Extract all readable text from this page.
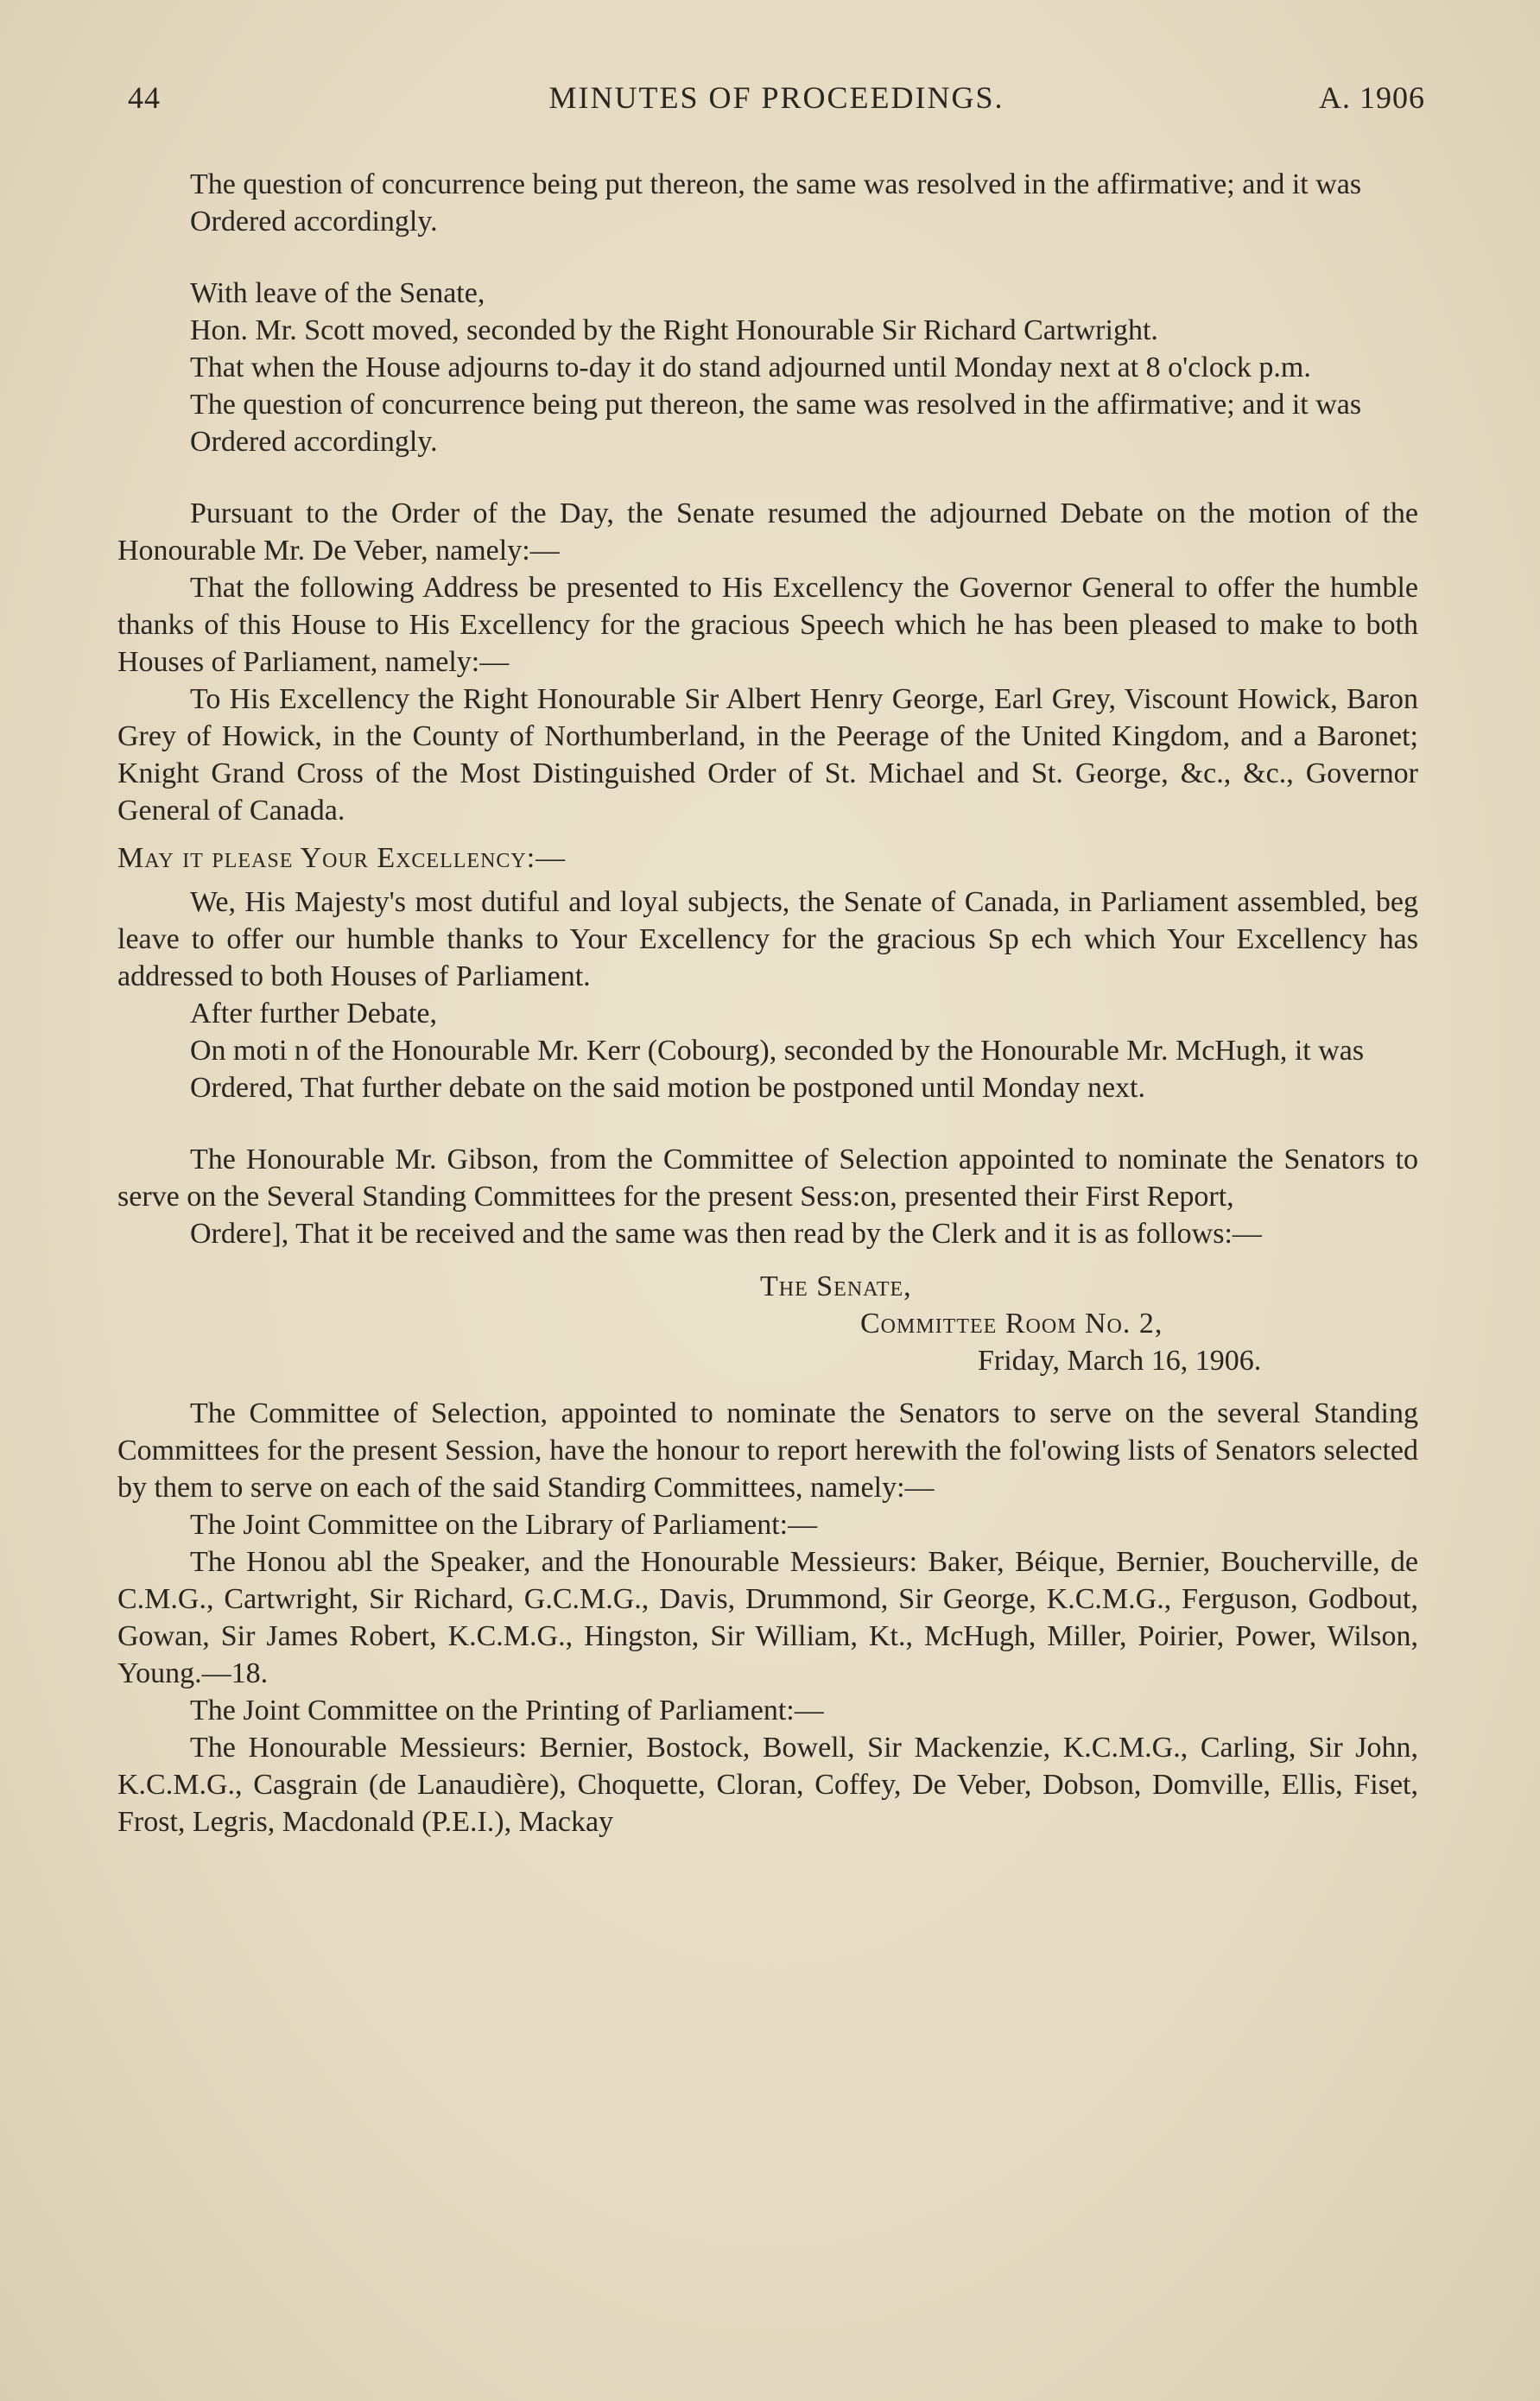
44	MINUTES OF PROCEEDINGS.	A. 1906

The question of concurrence being put thereon, the same was resolved in the affirmative; and it was

Ordered accordingly.

With leave of the Senate,

Hon. Mr. Scott moved, seconded by the Right Honourable Sir Richard Cartwright.

That when the House adjourns to-day it do stand adjourned until Monday next at 8 o'clock p.m.

The question of concurrence being put thereon, the same was resolved in the affirmative; and it was

Ordered accordingly.

Pursuant to the Order of the Day, the Senate resumed the adjourned Debate on the motion of the Honourable Mr. De Veber, namely:—

That the following Address be presented to His Excellency the Governor General to offer the humble thanks of this House to His Excellency for the gracious Speech which he has been pleased to make to both Houses of Parliament, namely:—

To His Excellency the Right Honourable Sir Albert Henry George, Earl Grey, Viscount Howick, Baron Grey of Howick, in the County of Northumberland, in the Peerage of the United Kingdom, and a Baronet; Knight Grand Cross of the Most Distinguished Order of St. Michael and St. George, &c., &c., Governor General of Canada.

May it please Your Excellency:—

We, His Majesty's most dutiful and loyal subjects, the Senate of Canada, in Parliament assembled, beg leave to offer our humble thanks to Your Excellency for the gracious Sp ech which Your Excellency has addressed to both Houses of Parliament.

After further Debate,

On moti n of the Honourable Mr. Kerr (Cobourg), seconded by the Honourable Mr. McHugh, it was

Ordered, That further debate on the said motion be postponed until Monday next.

The Honourable Mr. Gibson, from the Committee of Selection appointed to nominate the Senators to serve on the Several Standing Committees for the present Sess:on, presented their First Report,

Ordere], That it be received and the same was then read by the Clerk and it is as follows:—

The Senate,

Committee Room No. 2,

Friday, March 16, 1906.

The Committee of Selection, appointed to nominate the Senators to serve on the several Standing Committees for the present Session, have the honour to report herewith the fol'owing lists of Senators selected by them to serve on each of the said Standirg Committees, namely:—

The Joint Committee on the Library of Parliament:—

The Honou abl the Speaker, and the Honourable Messieurs: Baker, Béique, Bernier, Boucherville, de C.M.G., Cartwright, Sir Richard, G.C.M.G., Davis, Drummond, Sir George, K.C.M.G., Ferguson, Godbout, Gowan, Sir James Robert, K.C.M.G., Hingston, Sir William, Kt., McHugh, Miller, Poirier, Power, Wilson, Young.—18.

The Joint Committee on the Printing of Parliament:—

The Honourable Messieurs: Bernier, Bostock, Bowell, Sir Mackenzie, K.C.M.G., Carling, Sir John, K.C.M.G., Casgrain (de Lanaudière), Choquette, Cloran, Coffey, De Veber, Dobson, Domville, Ellis, Fiset, Frost, Legris, Macdonald (P.E.I.), Mackay
